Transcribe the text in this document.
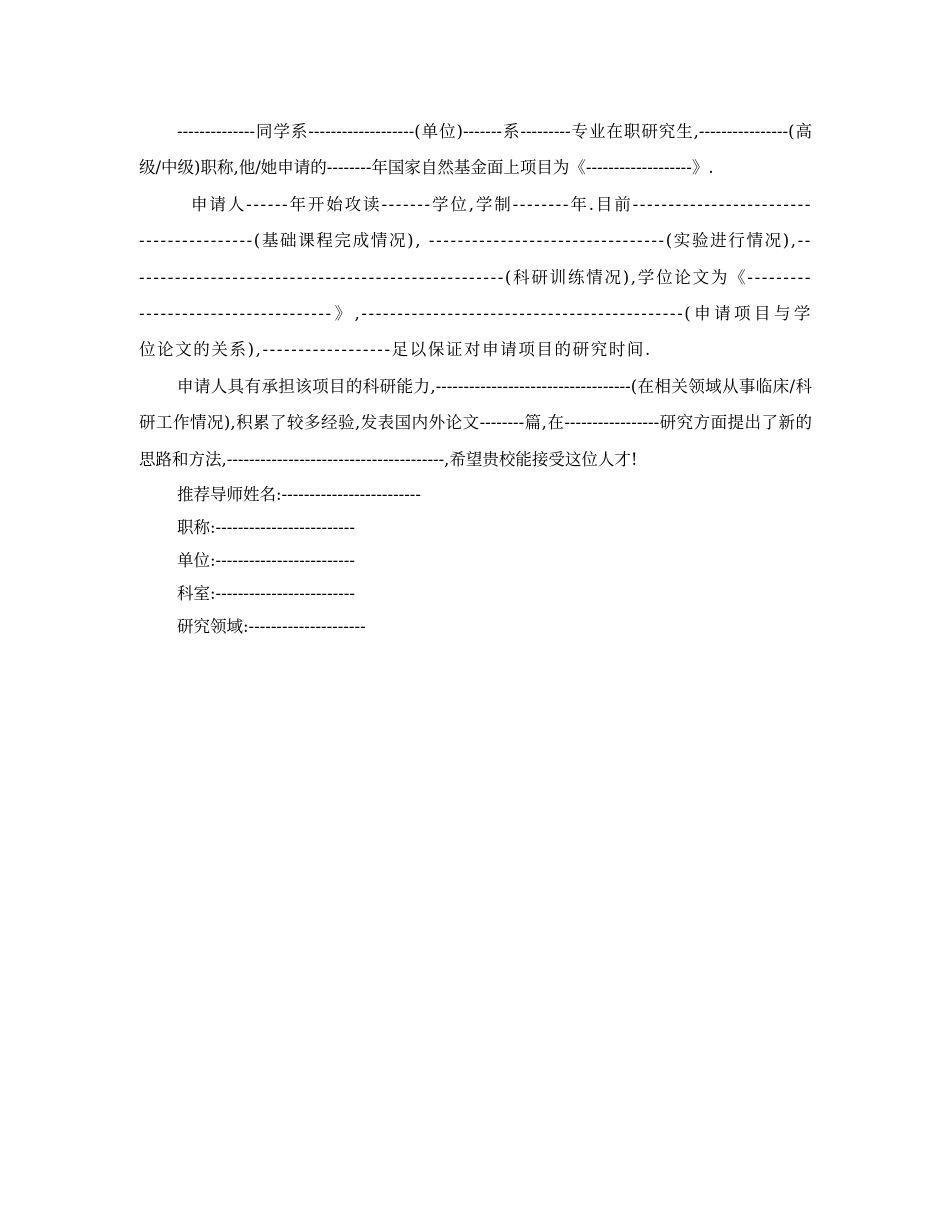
--------------同学系-------------------(单位)-------系---------专业在职研究生,----------------(高级/中级)职称,他/她申请的--------年国家自然基金面上项目为《-------------------》.

申请人------年开始攻读-------学位,学制--------年.目前-----------------------------------------(基础课程完成情况), ---------------------------------(实验进行情况),-----------------------------------------------------(科研训练情况),学位论文为《------------------------------------》,---------------------------------------------(申请项目与学位论文的关系),------------------足以保证对申请项目的研究时间.

申请人具有承担该项目的科研能力,-----------------------------------(在相关领域从事临床/科研工作情况),积累了较多经验,发表国内外论文--------篇,在-----------------研究方面提出了新的思路和方法,---------------------------------------,希望贵校能接受这位人才!

推荐导师姓名:-------------------------

职称:-------------------------

单位:-------------------------

科室:-------------------------

研究领域:---------------------
